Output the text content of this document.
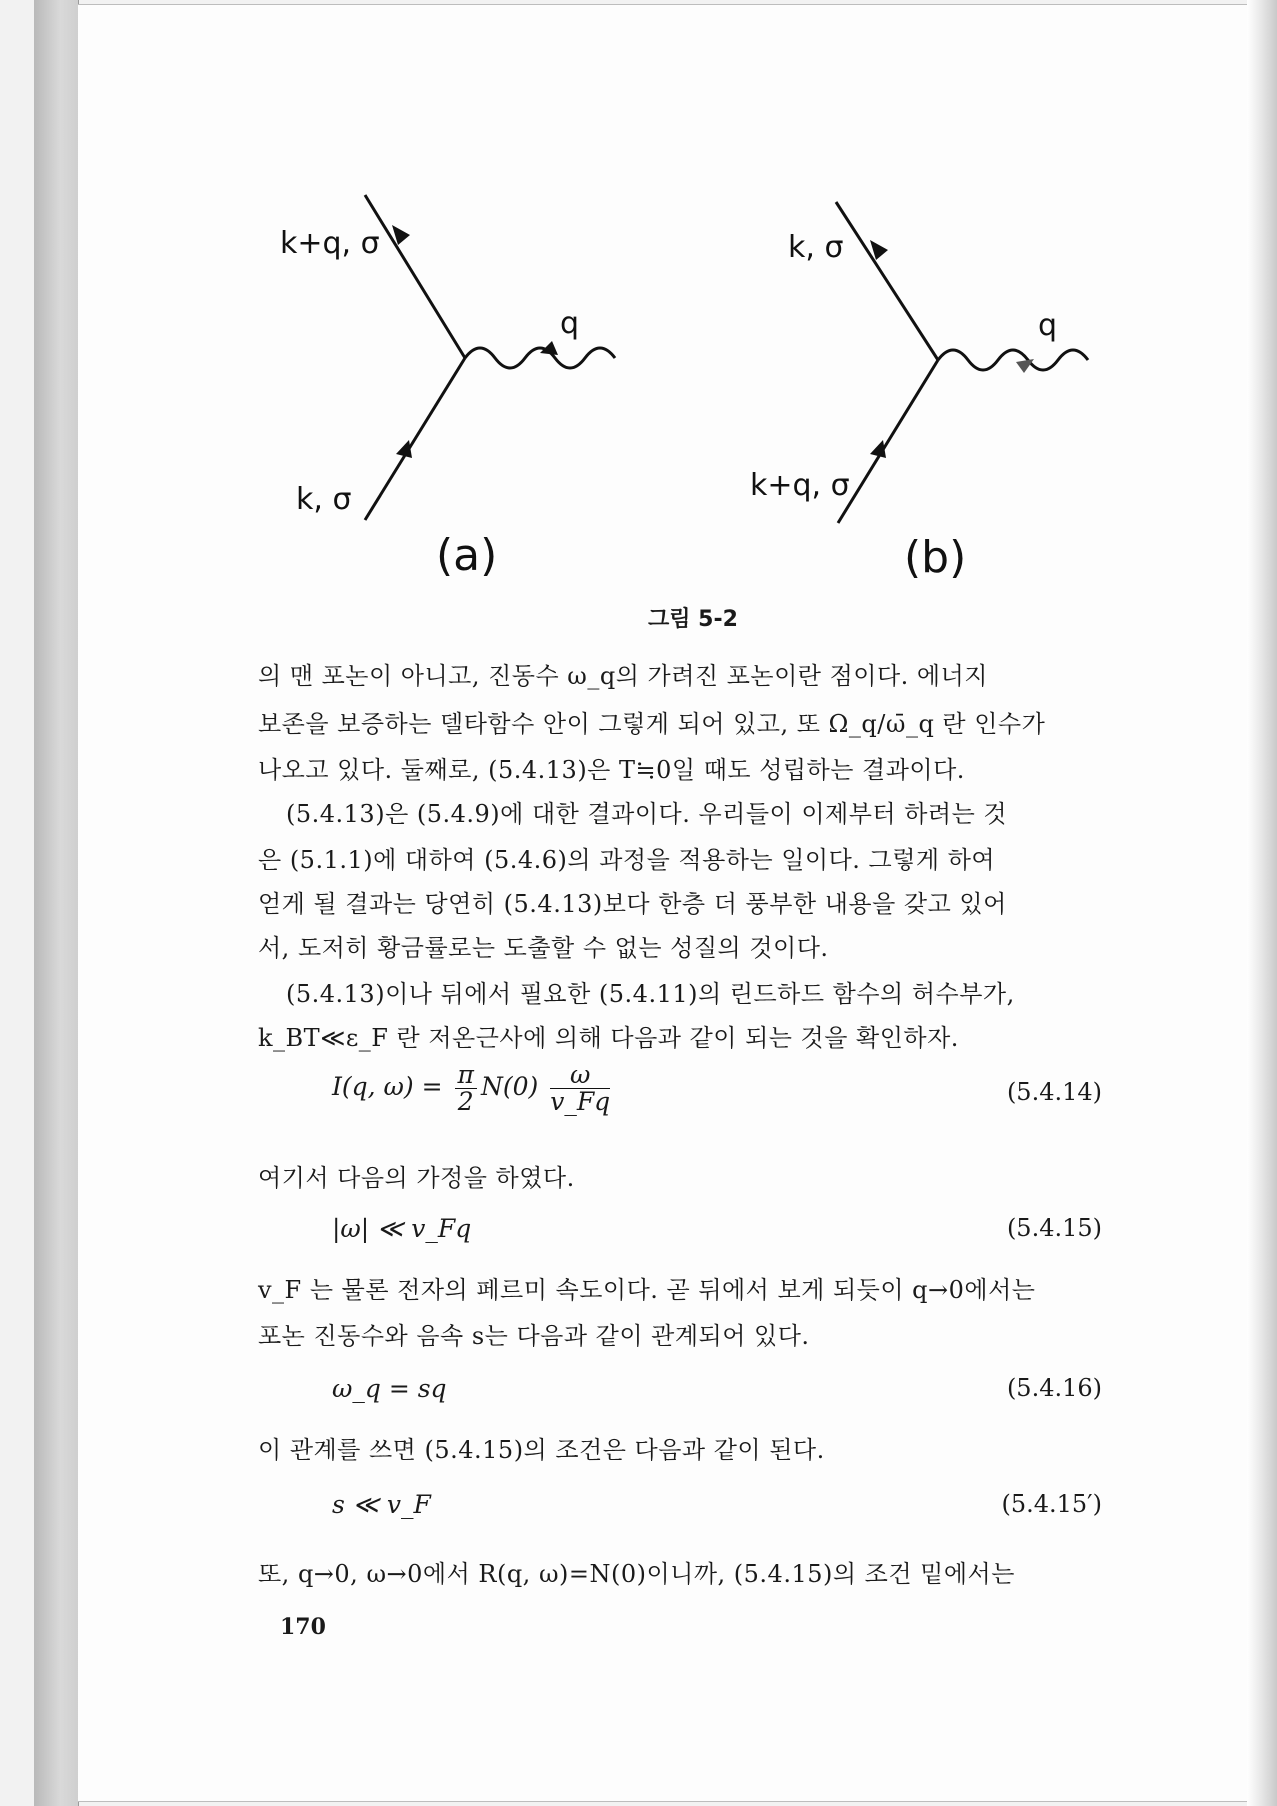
k+q, σ
q
k, σ
(a)
k, σ
q
k+q, σ
(b)
그림 5-2
의 맨 포논이 아니고, 진동수 ω_q의 가려진 포논이란 점이다. 에너지
보존을 보증하는 델타함수 안이 그렇게 되어 있고, 또 Ω_q/ω̄_q 란 인수가
나오고 있다. 둘째로, (5.4.13)은 T≒0일 때도 성립하는 결과이다.
(5.4.13)은 (5.4.9)에 대한 결과이다. 우리들이 이제부터 하려는 것
은 (5.1.1)에 대하여 (5.4.6)의 과정을 적용하는 일이다. 그렇게 하여
얻게 될 결과는 당연히 (5.4.13)보다 한층 더 풍부한 내용을 갖고 있어
서, 도저히 황금률로는 도출할 수 없는 성질의 것이다.
(5.4.13)이나 뒤에서 필요한 (5.4.11)의 린드하드 함수의 허수부가,
k_BT≪ε_F 란 저온근사에 의해 다음과 같이 되는 것을 확인하자.
I(q, $\omega) = \frac{\pi}{2} N(0) \frac{\omega}{v\_Fq}$	(5.4.14)
여기서 다음의 가정을 하였다.
|ω| ≪ v_Fq	(5.4.15)
v_F 는 물론 전자의 페르미 속도이다. 곧 뒤에서 보게 되듯이 q→0에서는
포논 진동수와 음속 s는 다음과 같이 관계되어 있다.
ω_q = sq	(5.4.16)
이 관계를 쓰면 (5.4.15)의 조건은 다음과 같이 된다.
s ≪ v_F	(5.4.15′)
또, q→0, ω→0에서 R(q, ω)=N(0)이니까, (5.4.15)의 조건 밑에서는
170
